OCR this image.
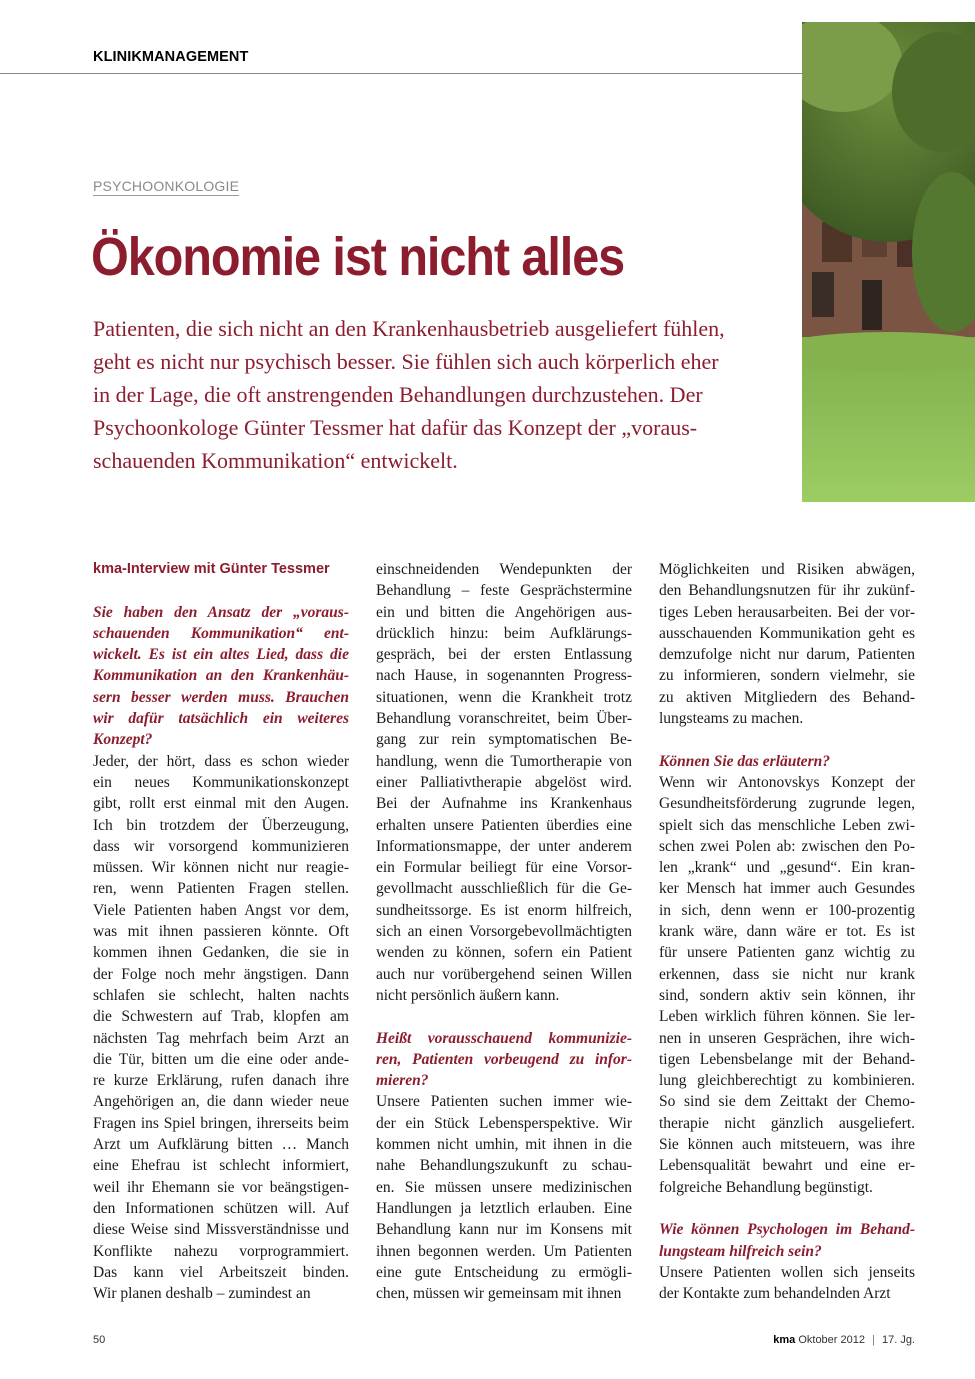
KLINIKMANAGEMENT
PSYCHOONKOLOGIE
Ökonomie ist nicht alles
Patienten, die sich nicht an den Krankenhausbetrieb ausgeliefert fühlen,
geht es nicht nur psychisch besser. Sie fühlen sich auch körperlich eher
in der Lage, die oft anstrengenden Behandlungen durchzustehen. Der
Psychoonkologe Günter Tessmer hat dafür das Konzept der „voraus-
schauenden Kommunikation“ entwickelt.
kma-Interview mit Günter Tessmer
Sie haben den Ansatz der „voraus-
schauenden Kommunikation“ ent-
wickelt. Es ist ein altes Lied, dass die
Kommunikation an den Krankenhäu-
sern besser werden muss. Brauchen
wir dafür tatsächlich ein weiteres
Konzept?
Jeder, der hört, dass es schon wieder
ein neues Kommunikationskonzept
gibt, rollt erst einmal mit den Augen.
Ich bin trotzdem der Überzeugung,
dass wir vorsorgend kommunizieren
müssen. Wir können nicht nur reagie-
ren, wenn Patienten Fragen stellen.
Viele Patienten haben Angst vor dem,
was mit ihnen passieren könnte. Oft
kommen ihnen Gedanken, die sie in
der Folge noch mehr ängstigen. Dann
schlafen sie schlecht, halten nachts
die Schwestern auf Trab, klopfen am
nächsten Tag mehrfach beim Arzt an
die Tür, bitten um die eine oder ande-
re kurze Erklärung, rufen danach ihre
Angehörigen an, die dann wieder neue
Fragen ins Spiel bringen, ihrerseits beim
Arzt um Aufklärung bitten … Manch
eine Ehefrau ist schlecht informiert,
weil ihr Ehemann sie vor beängstigen-
den Informationen schützen will. Auf
diese Weise sind Missverständnisse und
Konflikte nahezu vorprogrammiert.
Das kann viel Arbeitszeit binden.
Wir planen deshalb – zumindest an
einschneidenden Wendepunkten der
Behandlung – feste Gesprächstermine
ein und bitten die Angehörigen aus-
drücklich hinzu: beim Aufklärungs-
gespräch, bei der ersten Entlassung
nach Hause, in sogenannten Progress-
situationen, wenn die Krankheit trotz
Behandlung voranschreitet, beim Über-
gang zur rein symptomatischen Be-
handlung, wenn die Tumortherapie von
einer Palliativtherapie abgelöst wird.
Bei der Aufnahme ins Krankenhaus
erhalten unsere Patienten überdies eine
Informationsmappe, der unter anderem
ein Formular beiliegt für eine Vorsor-
gevollmacht ausschließlich für die Ge-
sundheitssorge. Es ist enorm hilfreich,
sich an einen Vorsorgebevollmächtigten
wenden zu können, sofern ein Patient
auch nur vorübergehend seinen Willen
nicht persönlich äußern kann.
Heißt vorausschauend kommunizie-
ren, Patienten vorbeugend zu infor-
mieren?
Unsere Patienten suchen immer wie-
der ein Stück Lebensperspektive. Wir
kommen nicht umhin, mit ihnen in die
nahe Behandlungszukunft zu schau-
en. Sie müssen unsere medizinischen
Handlungen ja letztlich erlauben. Eine
Behandlung kann nur im Konsens mit
ihnen begonnen werden. Um Patienten
eine gute Entscheidung zu ermögli-
chen, müssen wir gemeinsam mit ihnen
Möglichkeiten und Risiken abwägen,
den Behandlungsnutzen für ihr zukünf-
tiges Leben herausarbeiten. Bei der vor-
ausschauenden Kommunikation geht es
demzufolge nicht nur darum, Patienten
zu informieren, sondern vielmehr, sie
zu aktiven Mitgliedern des Behand-
lungsteams zu machen.
Können Sie das erläutern?
Wenn wir Antonovskys Konzept der
Gesundheitsförderung zugrunde legen,
spielt sich das menschliche Leben zwi-
schen zwei Polen ab: zwischen den Po-
len „krank“ und „gesund“. Ein kran-
ker Mensch hat immer auch Gesundes
in sich, denn wenn er 100-prozentig
krank wäre, dann wäre er tot. Es ist
für unsere Patienten ganz wichtig zu
erkennen, dass sie nicht nur krank
sind, sondern aktiv sein können, ihr
Leben wirklich führen können. Sie ler-
nen in unseren Gesprächen, ihre wich-
tigen Lebensbelange mit der Behand-
lung gleichberechtigt zu kombinieren.
So sind sie dem Zeittakt der Chemo-
therapie nicht gänzlich ausgeliefert.
Sie können auch mitsteuern, was ihre
Lebensqualität bewahrt und eine er-
folgreiche Behandlung begünstigt.
Wie können Psychologen im Behand-
lungsteam hilfreich sein?
Unsere Patienten wollen sich jenseits
der Kontakte zum behandelnden Arzt
50	kma Oktober 2012 | 17. Jg.
